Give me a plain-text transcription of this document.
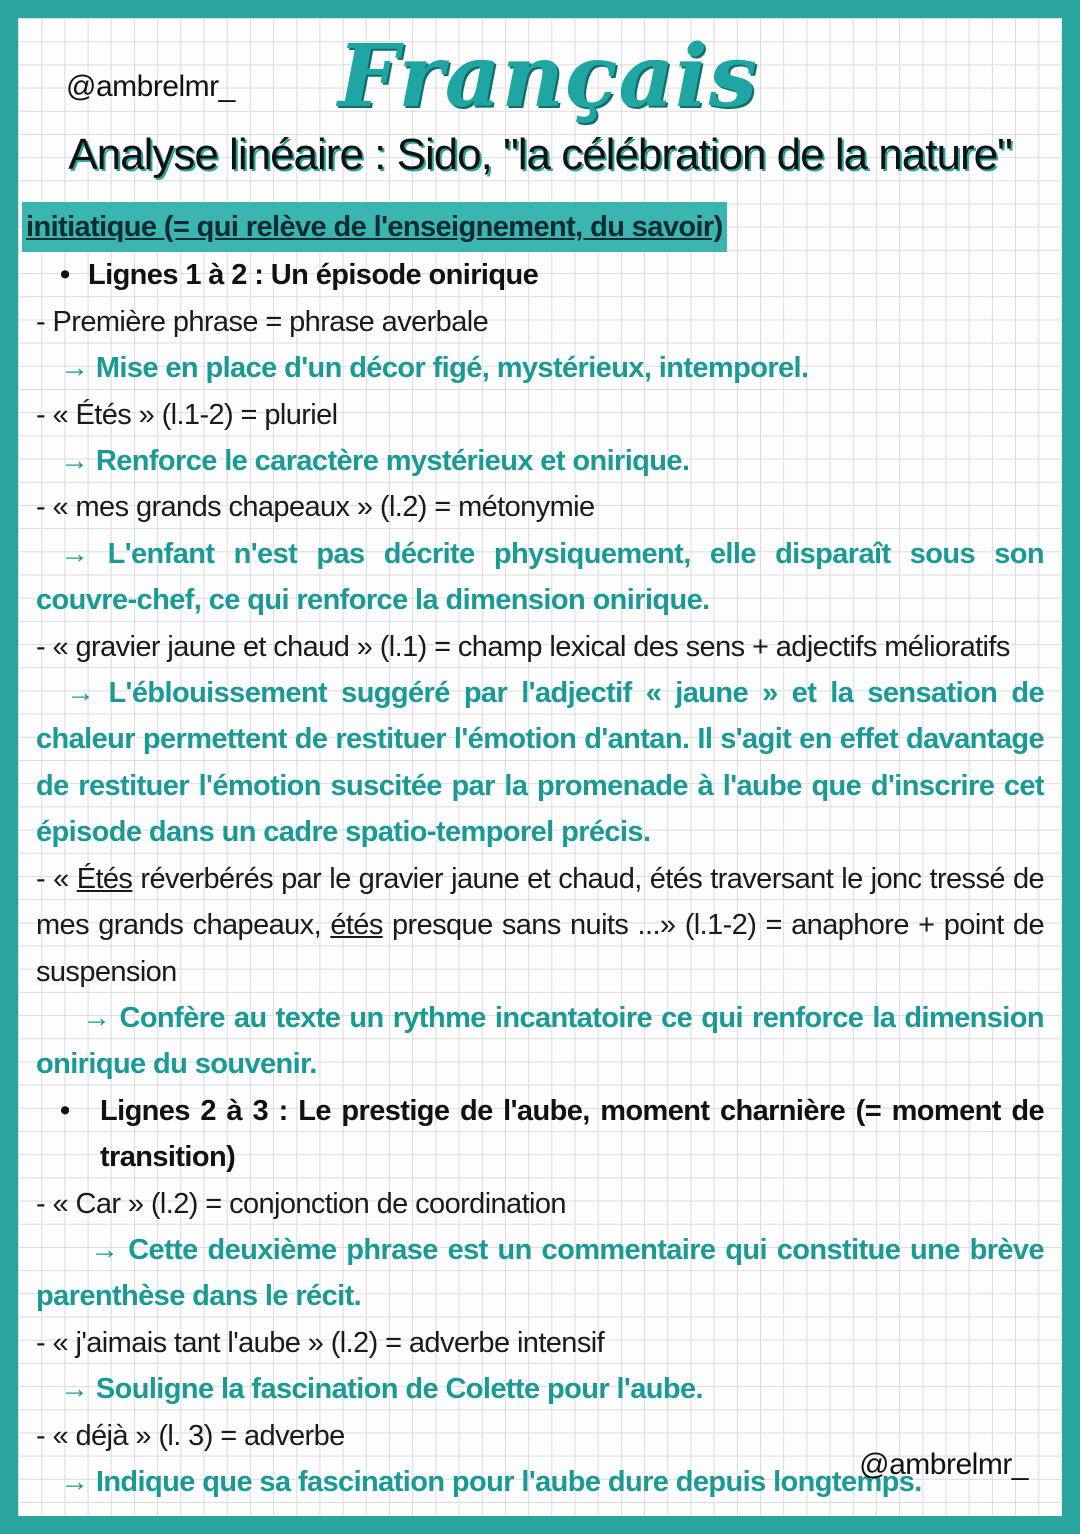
@ambrelmr_ Français
Analyse linéaire : Sido, "la célébration de la nature"
initiatique (= qui relève de l'enseignement, du savoir)
• Lignes 1 à 2 : Un épisode onirique
- Première phrase = phrase averbale
→ Mise en place d'un décor figé, mystérieux, intemporel.
- « Étés » (l.1-2) = pluriel
→ Renforce le caractère mystérieux et onirique.
- « mes grands chapeaux » (l.2) = métonymie
→ L'enfant n'est pas décrite physiquement, elle disparaît sous son couvre-chef, ce qui renforce la dimension onirique.
- « gravier jaune et chaud » (l.1) = champ lexical des sens + adjectifs mélioratifs
→ L'éblouissement suggéré par l'adjectif « jaune » et la sensation de chaleur permettent de restituer l'émotion d'antan. Il s'agit en effet davantage de restituer l'émotion suscitée par la promenade à l'aube que d'inscrire cet épisode dans un cadre spatio-temporel précis.
- « Étés réverbérés par le gravier jaune et chaud, étés traversant le jonc tressé de mes grands chapeaux, étés presque sans nuits ...» (l.1-2) = anaphore + point de suspension
→ Confère au texte un rythme incantatoire ce qui renforce la dimension onirique du souvenir.
• Lignes 2 à 3 : Le prestige de l'aube, moment charnière (= moment de transition)
- « Car » (l.2) = conjonction de coordination
→ Cette deuxième phrase est un commentaire qui constitue une brève parenthèse dans le récit.
- « j'aimais tant l'aube » (l.2) = adverbe intensif
→ Souligne la fascination de Colette pour l'aube.
- « déjà » (l. 3) = adverbe
→ Indique que sa fascination pour l'aube dure depuis longtemps.
@ambrelmr_
